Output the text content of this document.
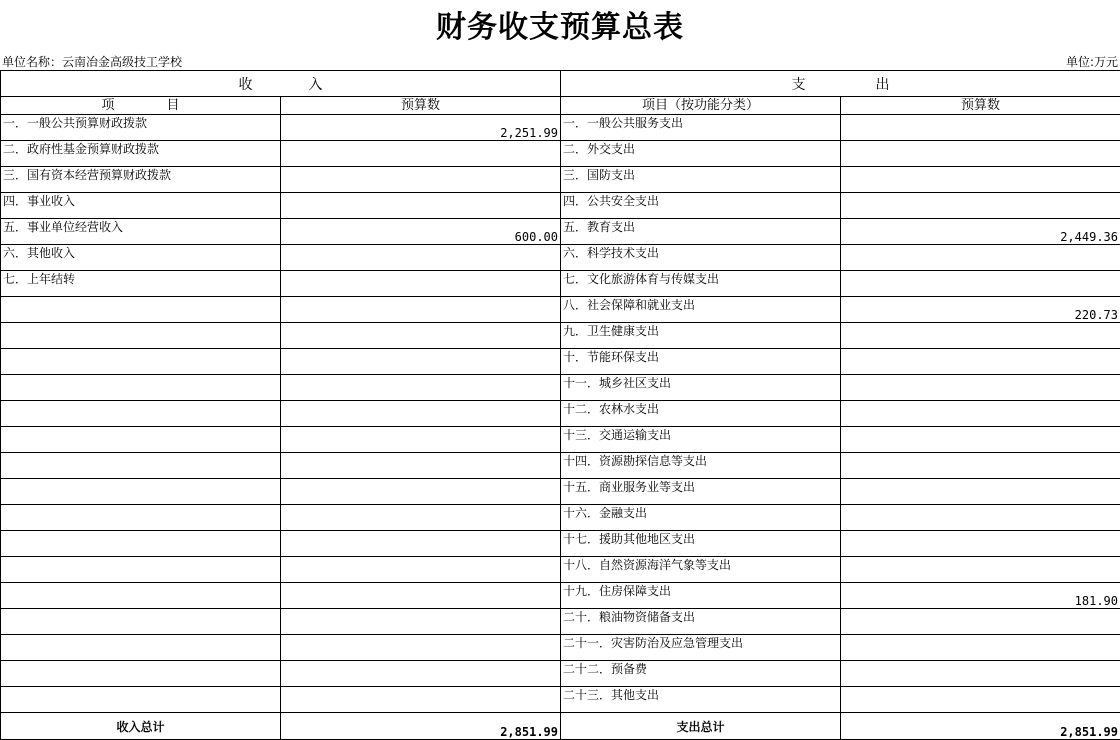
财务收支预算总表
单位名称：云南冶金高级技工学校	单位:万元
收　　　　入		支　　　　　出	
项　　　　目	预算数	项目（按功能分类）	预算数
一．一般公共预算财政拨款	2,251.99	一．一般公共服务支出	
二．政府性基金预算财政拨款		二．外交支出	
三．国有资本经营预算财政拨款		三．国防支出	
四．事业收入		四．公共安全支出	
五．事业单位经营收入	600.00	五．教育支出	2,449.36
六．其他收入		六．科学技术支出	
七．上年结转		七．文化旅游体育与传媒支出	
		八．社会保障和就业支出	220.73
		九．卫生健康支出	
		十．节能环保支出	
		十一．城乡社区支出	
		十二．农林水支出	
		十三．交通运输支出	
		十四．资源勘探信息等支出	
		十五．商业服务业等支出	
		十六．金融支出	
		十七．援助其他地区支出	
		十八．自然资源海洋气象等支出	
		十九．住房保障支出	181.90
		二十．粮油物资储备支出	
		二十一．灾害防治及应急管理支出	
		二十二．预备费	
		二十三．其他支出	
收入总计	2,851.99	支出总计	2,851.99
